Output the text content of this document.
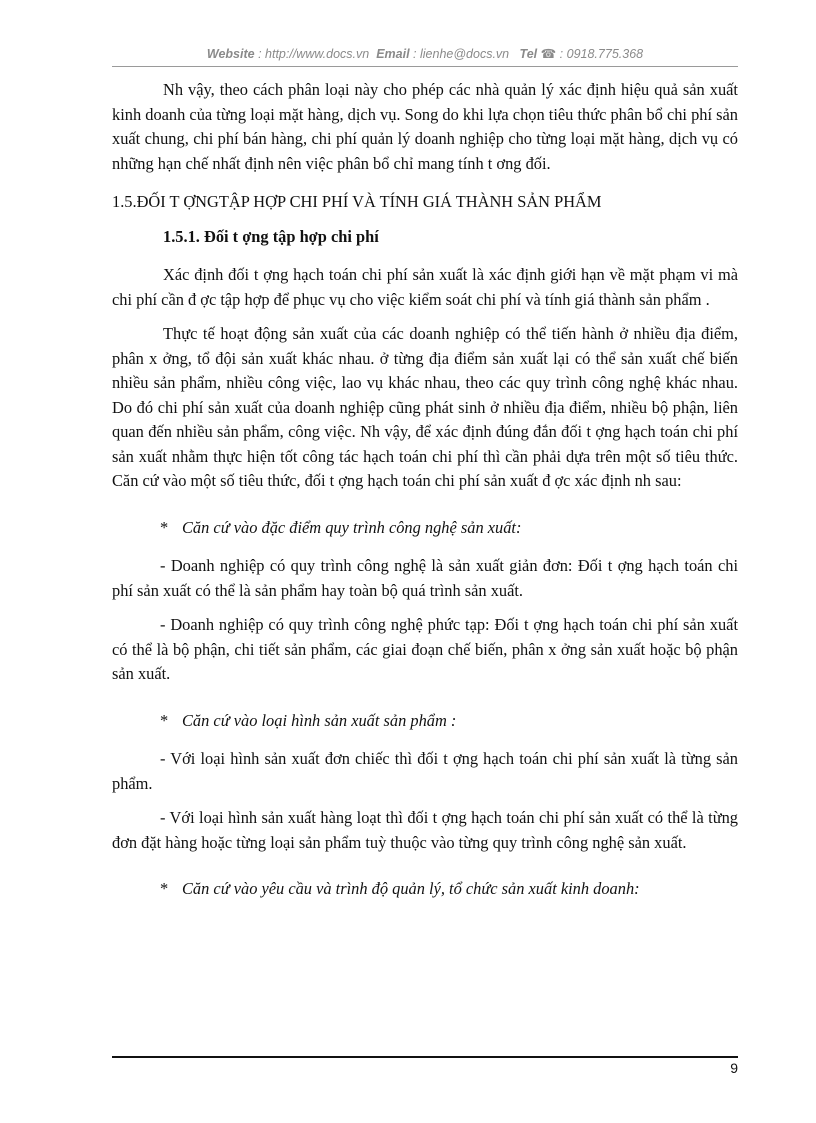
Website : http://www.docs.vn Email : lienhe@docs.vn Tel ☎ : 0918.775.368

Nh vậy, theo cách phân loại này cho phép các nhà quản lý xác định hiệu quả sản xuất kinh doanh của từng loại mặt hàng, dịch vụ. Song do khi lựa chọn tiêu thức phân bổ chi phí sản xuất chung, chi phí bán hàng, chi phí quản lý doanh nghiệp cho từng loại mặt hàng, dịch vụ có những hạn chế nhất định nên việc phân bổ chỉ mang tính t ơng đối.

1.5.ĐỐI T ỢNGTẬP HỢP CHI PHÍ VÀ TÍNH GIÁ THÀNH SẢN PHẨM

1.5.1. Đối t ợng tập hợp chi phí

Xác định đối t ợng hạch toán chi phí sản xuất là xác định giới hạn về mặt phạm vi mà chi phí cần đ ợc tập hợp để phục vụ cho việc kiểm soát chi phí và tính giá thành sản phẩm .

Thực tế hoạt động sản xuất của các doanh nghiệp có thể tiến hành ở nhiều địa điểm, phân x ởng, tổ đội sản xuất khác nhau. ở từng địa điểm sản xuất lại có thể sản xuất chế biến nhiều sản phẩm, nhiều công việc, lao vụ khác nhau, theo các quy trình công nghệ khác nhau. Do đó chi phí sản xuất của doanh nghiệp cũng phát sinh ở nhiều địa điểm, nhiều bộ phận, liên quan đến nhiều sản phẩm, công việc. Nh vậy, để xác định đúng đắn đối t ợng hạch toán chi phí sản xuất nhằm thực hiện tốt công tác hạch toán chi phí thì cần phải dựa trên một số tiêu thức. Căn cứ vào một số tiêu thức, đối t ợng hạch toán chi phí sản xuất đ ợc xác định nh sau:

* Căn cứ vào đặc điểm quy trình công nghệ sản xuất:

- Doanh nghiệp có quy trình công nghệ là sản xuất giản đơn: Đối t ợng hạch toán chi phí sản xuất có thể là sản phẩm hay toàn bộ quá trình sản xuất.

- Doanh nghiệp có quy trình công nghệ phức tạp: Đối t ợng hạch toán chi phí sản xuất có thể là bộ phận, chi tiết sản phẩm, các giai đoạn chế biến, phân x ởng sản xuất hoặc bộ phận sản xuất.

* Căn cứ vào loại hình sản xuất sản phẩm :

- Với loại hình sản xuất đơn chiếc thì đối t ợng hạch toán chi phí sản xuất là từng sản phẩm.

- Với loại hình sản xuất hàng loạt thì đối t ợng hạch toán chi phí sản xuất có thể là từng đơn đặt hàng hoặc từng loại sản phẩm tuỳ thuộc vào từng quy trình công nghệ sản xuất.

* Căn cứ vào yêu cầu và trình độ quản lý, tổ chức sản xuất kinh doanh:

9
